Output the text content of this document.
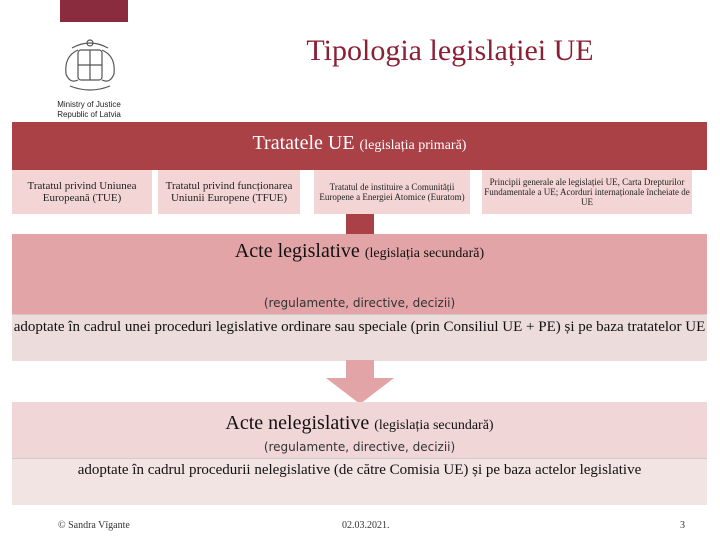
Ministry of Justice
Republic of Latvia
Tipologia legislației UE
Tratatele UE (legislația primară)
Tratatul privind Uniunea Europeană (TUE)
Tratatul privind funcționarea Uniunii Europene (TFUE)
Tratatul de instituire a Comunității Europene a Energiei Atomice (Euratom)
Principii generale ale legislației UE, Carta Drepturilor Fundamentale a UE; Acorduri internaționale încheiate de UE
Acte legislative (legislația secundară)
(regulamente, directive, decizii)
adoptate în cadrul unei proceduri legislative ordinare sau speciale (prin Consiliul UE + PE) și pe baza tratatelor UE
Acte nelegislative (legislația secundară)
(regulamente, directive, decizii)
adoptate în cadrul procedurii nelegislative (de către Comisia UE) și pe baza actelor legislative
© Sandra Vīgante	02.03.2021.	3
